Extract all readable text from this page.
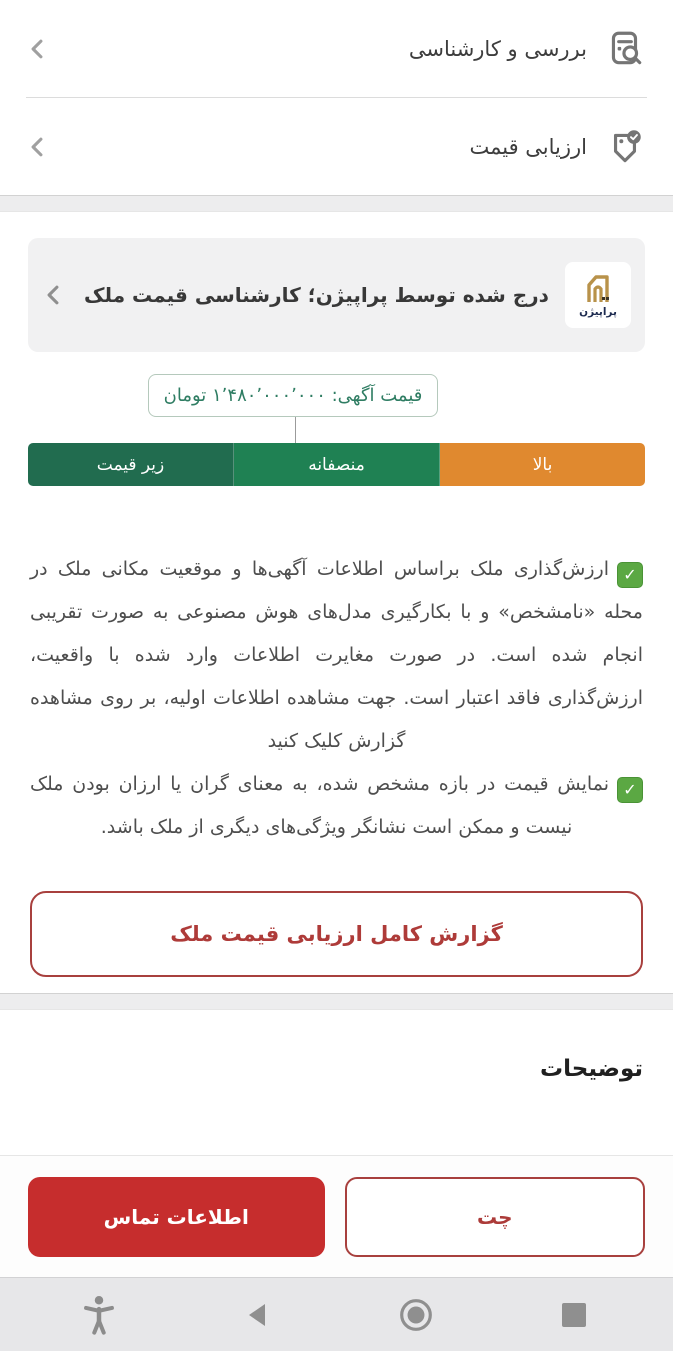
بررسی و کارشناسی
ارزیابی قیمت
پراپیژن
درج شده توسط پراپیژن؛ کارشناسی قیمت ملک
قیمت آگهی: ۱٬۴۸۰٬۰۰۰٬۰۰۰ تومان
بالا
منصفانه
زیر قیمت

✓ارزش‌گذاری ملک براساس اطلاعات آگهی‌ها و موقعیت مکانی ملک در محله «نامشخص» و با بکارگیری مدل‌های هوش مصنوعی به صورت تقریبی انجام شده است. در صورت مغایرت اطلاعات وارد شده با واقعیت، ارزش‌گذاری فاقد اعتبار است. جهت مشاهده اطلاعات اولیه، بر روی مشاهده گزارش کلیک کنید

✓نمایش قیمت در بازه مشخص شده، به معنای گران یا ارزان بودن ملک نیست و ممکن است نشانگر ویژگی‌های دیگری از ملک باشد.

گزارش کامل ارزیابی قیمت ملک
توضیحات
چت
اطلاعات تماس
